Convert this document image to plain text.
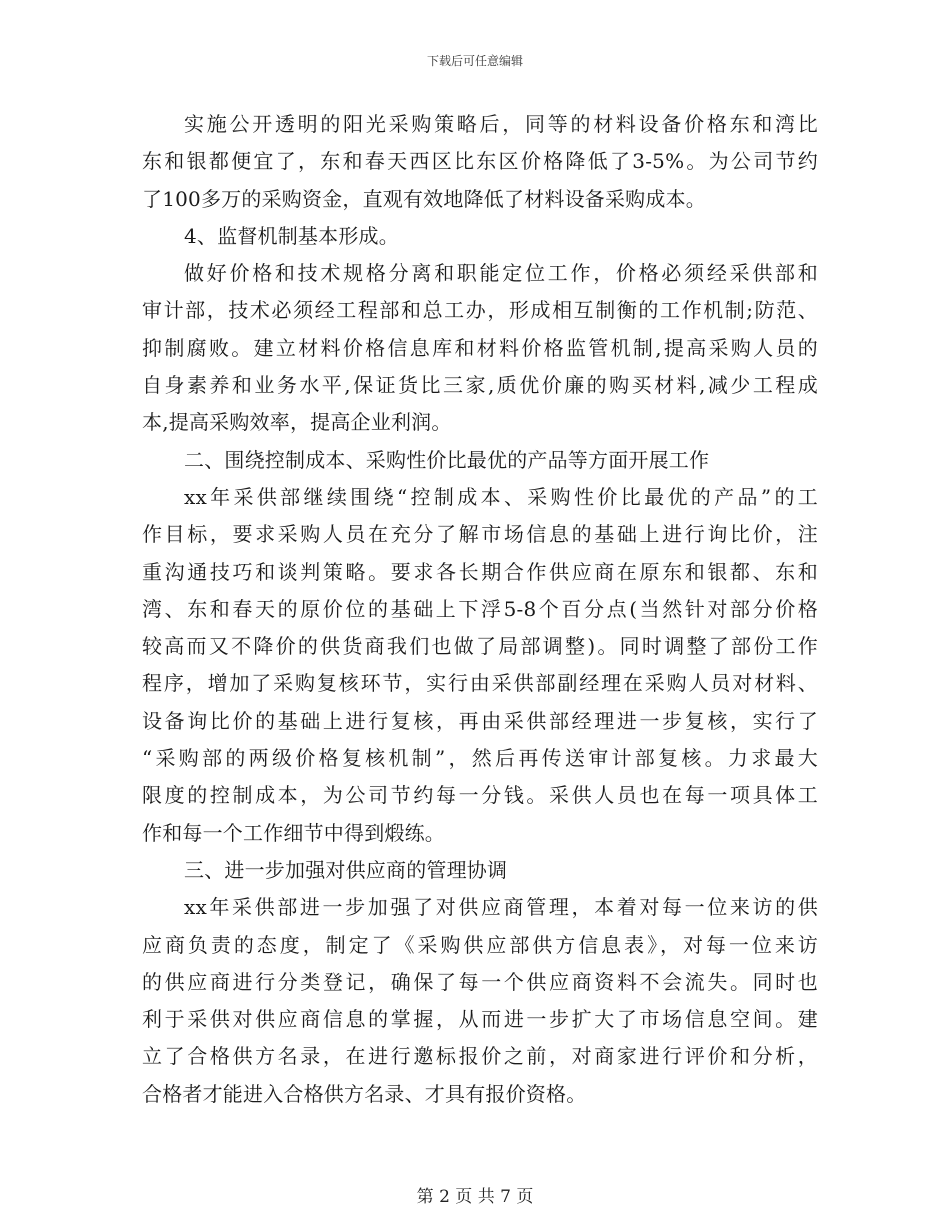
下载后可任意编辑
实施公开透明的阳光采购策略后，同等的材料设备价格东和湾比
东和银都便宜了，东和春天西区比东区价格降低了3-5%。为公司节约
了100多万的采购资金，直观有效地降低了材料设备采购成本。
4、监督机制基本形成。
做好价格和技术规格分离和职能定位工作，价格必须经采供部和
审计部，技术必须经工程部和总工办，形成相互制衡的工作机制;防范、
抑制腐败。建立材料价格信息库和材料价格监管机制,提高采购人员的
自身素养和业务水平,保证货比三家,质优价廉的购买材料,减少工程成
本,提高采购效率，提高企业利润。
二、围绕控制成本、采购性价比最优的产品等方面开展工作
xx年采供部继续围绕“控制成本、采购性价比最优的产品”的工
作目标，要求采购人员在充分了解市场信息的基础上进行询比价，注
重沟通技巧和谈判策略。要求各长期合作供应商在原东和银都、东和
湾、东和春天的原价位的基础上下浮5-8个百分点(当然针对部分价格
较高而又不降价的供货商我们也做了局部调整)。同时调整了部份工作
程序，增加了采购复核环节，实行由采供部副经理在采购人员对材料、
设备询比价的基础上进行复核，再由采供部经理进一步复核，实行了
“采购部的两级价格复核机制”，然后再传送审计部复核。力求最大
限度的控制成本，为公司节约每一分钱。采供人员也在每一项具体工
作和每一个工作细节中得到煅练。
三、进一步加强对供应商的管理协调
xx年采供部进一步加强了对供应商管理，本着对每一位来访的供
应商负责的态度，制定了《采购供应部供方信息表》，对每一位来访
的供应商进行分类登记，确保了每一个供应商资料不会流失。同时也
利于采供对供应商信息的掌握，从而进一步扩大了市场信息空间。建
立了合格供方名录，在进行邀标报价之前，对商家进行评价和分析，
合格者才能进入合格供方名录、才具有报价资格。
第 2 页 共 7 页
